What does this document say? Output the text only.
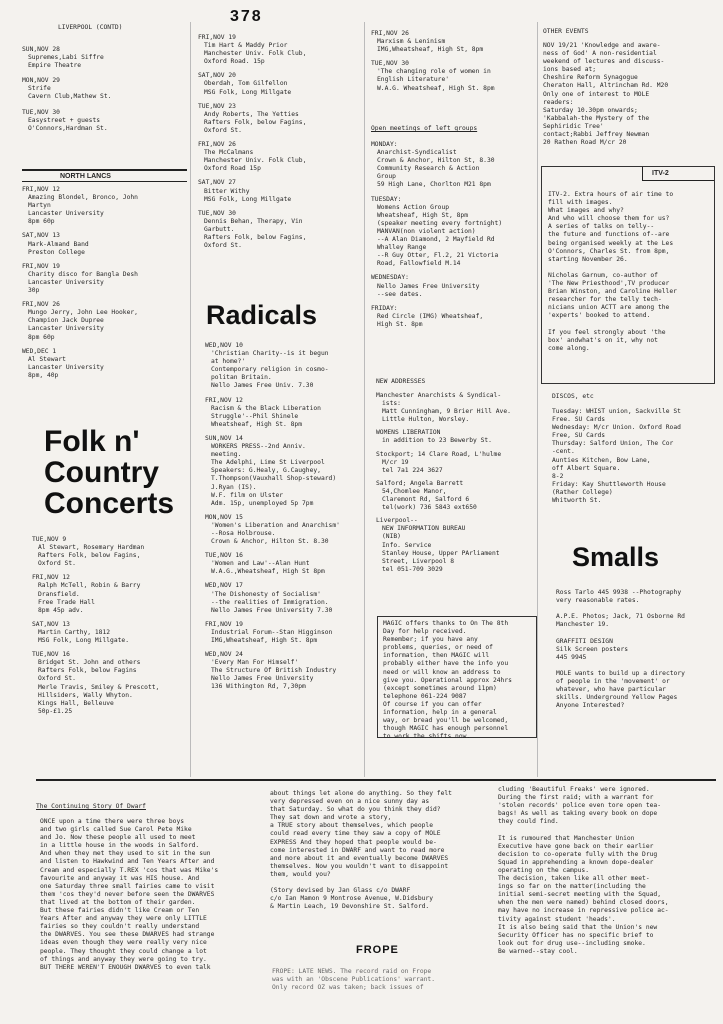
378
LIVERPOOL (CONTD)
SUN,NOV 28
Supremes,Labi Siffre
Empire Theatre
MON,NOV 29
Strife
Cavern Club,Mathew St.
TUE,NOV 30
Easystreet + guests
O'Connors,Hardman St.
NORTH LANCS
FRI,NOV 12
Amazing Blondel, Bronco, John
Martyn
Lancaster University
8pm 60p
SAT,NOV 13
Mark-Almand Band
Preston College
FRI,NOV 19
Charity disco for Bangla Desh
Lancaster University
30p
FRI,NOV 26
Mungo Jerry, John Lee Hooker,
Champion Jack Dupree
Lancaster University
8pm 60p
WED,DEC 1
Al Stewart
Lancaster University
8pm, 40p
Folk n'
Country
Concerts
TUE,NOV 9
Al Stewart, Rosemary Hardman
Rafters Folk, below Fagins,
Oxford St.
FRI,NOV 12
Ralph McTell, Robin & Barry
Dransfield.
Free Trade Hall
8pm 45p adv.
SAT,NOV 13
Martin Carthy, 1812
MSG Folk, Long Millgate.
TUE,NOV 16
Bridget St. John and others
Rafters Folk, below Fagins
Oxford St.
Merle Travis, Smiley & Prescott,
Hillsiders, Wally Whyton.
Kings Hall, Belleuve
50p-£1.25
FRI,NOV 19
Tim Hart & Maddy Prior
Manchester Univ. Folk Club,
Oxford Road. 15p
SAT,NOV 20
Oberdah, Tom Gilfellon
MSG Folk, Long Millgate
TUE,NOV 23
Andy Roberts, The Yetties
Rafters Folk, below Fagins,
Oxford St.
FRI,NOV 26
The McCalmans
Manchester Univ. Folk Club,
Oxford Road 15p
SAT,NOV 27
Bitter Withy
MSG Folk, Long Millgate
TUE,NOV 30
Dennis Behan, Therapy, Vin
Garbutt.
Rafters Folk, below Fagins,
Oxford St.
Radicals
WED,NOV 10
'Christian Charity--is it begun
at home?'
Contemporary religion in cosmo-
politan Britain.
Nello James Free Univ. 7.30
FRI,NOV 12
Racism & the Black Liberation
Struggle'--Phil Shinele
Wheatsheaf, High St. 8pm
SUN,NOV 14
WORKERS PRESS--2nd Anniv.
meeting.
The Adelphi, Lime St Liverpool
Speakers: G.Healy, G.Caughey,
T.Thompson(Vauxhall Shop-steward)
J.Ryan (IS).
W.F. film on Ulster
Adm. 15p, unemployed 5p 7pm
MON,NOV 15
'Women's Liberation and Anarchism'
--Rosa Holbrouse.
Crown & Anchor, Hilton St. 8.30
TUE,NOV 16
'Women and Law'--Alan Hunt
W.A.G.,Wheatsheaf, High St 8pm
WED,NOV 17
'The Dishonesty of Socialism'
--the realities of Immigration.
Nello James Free University 7.30
FRI,NOV 19
Industrial Forum--Stan Higginson
IMG,Wheatsheaf, High St. 8pm
WED,NOV 24
'Every Man For Himself'
The Structure Of British Industry
Nello James Free University
136 Withington Rd, 7,30pm
FRI,NOV 26
Marxism & Leninism
IMG,Wheatsheaf, High St, 8pm
TUE,NOV 30
'The changing role of women in
English Literature'
W.A.G. Wheatsheaf, High St. 8pm
Open meetings of left groups
MONDAY:
Anarchist-Syndicalist
Crown & Anchor, Hilton St, 8.30
Community Research & Action
Group
59 High Lane, Chorlton M21 8pm
TUESDAY:
Womens Action Group
Wheatsheaf, High St, 8pm
(speaker meeting every fortnight)
MANVAN(non violent action)
--A Alan Diamond, 2 Mayfield Rd
Whalley Range
--R Guy Otter, Fl.2, 21 Victoria
Road, Fallowfield M.14
WEDNESDAY:
Nello James Free University
--see dates.
FRIDAY:
Red Circle (IMG) Wheatsheaf,
High St. 8pm
NEW ADDRESSES
Manchester Anarchists & Syndical-
ists:
Matt Cunningham, 9 Brier Hill Ave.
Little Hulton, Worsley.
WOMENS LIBERATION
in addition to 23 Bewerby St.
Stockport; 14 Clare Road, L'hulme
M/cr 19
tel 7a1 224 3627
Salford; Angela Barrett
54,Chomlee Manor,
Claremont Rd, Salford 6
tel(work) 736 5843 ext650
Liverpool--
NEW INFORMATION BUREAU
(NIB)
Info. Service
Stanley House, Upper PArliament
Street, Liverpool 8
tel 051-709 3029
MAGIC offers thanks to On The 8th
Day for help received.
Remember; if you have any
problems, queries, or need of
information, then MAGIC will
probably either have the info you
need or will know an address to
give you. Operational approx 24hrs
(except sometimes around 11pm)
telephone 061-224 9087
Of course if you can offer
information, help in a general
way, or bread you'll be welcomed,
though MAGIC has enough personnel
to work the shifts now.
OTHER EVENTS
NOV 19/21 'Knowledge and aware-
ness of God' A non-residential
weekend of lectures and discuss-
ions based at;
Cheshire Reform Synagogue
Cheraton Hall, Altrincham Rd. M20
Only one of interest to MOLE
readers:
Saturday 10.30pm onwards;
'Kabbalah-the Mystery of the
Sephiridic Tree'
contact;Rabbi Jeffrey Newman
20 Rathen Road M/cr 20
ITV-2
ITV-2. Extra hours of air time to
fill with images.
What images and why?
And who will choose them for us?
A series of talks on telly--
the future and functions of--are
being organised weekly at the Les
O'Connors, Charles St. from 8pm,
starting November 26.

Nicholas Garnum, co-author of
'The New Priesthood',TV producer
Brian Winston, and Caroline Heller
researcher for the telly tech-
nicians union ACTT are among the
'experts' booked to attend.

If you feel strongly about 'the
box' andwhat's on it, why not
come along.
DISCOS, etc
Tuesday: WHIST union, Sackville St
Free. SU Cards
Wednesday: M/cr Union. Oxford Road
Free, SU Cards
Thursday: Salford Union, The Cor
-cent.
Aunties Kitchen, Bow Lane,
off Albert Square.
8-2
Friday: Kay Shuttleworth House
(Rather College)
Whitworth St.
Smalls
Ross Tarlo 445 9938 --Photography
very reasonable rates.

A.P.E. Photos; Jack, 71 Osborne Rd
Manchester 19.

GRAFFITI DESIGN
Silk Screen posters
445 9945

MOLE wants to build up a directory
of people in the 'movement' or
whatever, who have particular
skills. Underground Yellow Pages
Anyone Interested?
The Continuing Story Of Dwarf
ONCE upon a time there were three boys
and two girls called Sue Carol Pete Mike
and Jo. Now these people all used to meet
in a little house in the woods in Salford.
And when they met they used to sit in the sun
and listen to Hawkwind and Ten Years After and
Cream and especially T.REX 'cos that was Mike's
favourite and anyway it was HIS house. And
one Saturday three small fairies came to visit
them 'cos they'd never before seen the DWARVES
that lived at the bottom of their garden.
But these fairies didn't like Cream or Ten
Years After and anyway they were only LITTLE
fairies so they couldn't really understand
the DWARVES. You see these DWARVES had strange
ideas even though they were really very nice
people. They thought they could change a lot
of things and anyway they were going to try.
BUT THERE WEREN'T ENOUGH DWARVES to even talk
about things let alone do anything. So they felt
very depressed even on a nice sunny day as
that Saturday. So what do you think they did?
They sat down and wrote a story,
a TRUE story about themselves, which people
could read every time they saw a copy of MOLE
EXPRESS And they hoped that people would be-
come interested in DWARF and want to read more
and more about it and eventually become DWARVES
themselves. Now you wouldn't want to disappoint
them, would you?

(Story devised by Jan Glass c/o DWARF
c/o Ian Mamon 9 Montrose Avenue, W.Didsbury
& Martin Leach, 19 Devonshire St. Salford.
FROPE
FROPE: LATE NEWS. The record raid on Frope
was with an 'Obscene Publications' warrant.
Only record OZ was taken; back issues of
cluding 'Beautiful Freaks' were ignored.
During the first raid; with a warrant for
'stolen records' police even tore open tea-
bags! As well as taking every book on dope
they could find.

It is rumoured that Manchester Union
Executive have gone back on their earlier
decision to co-operate fully with the Drug
Squad in apprehending a known dope-dealer
operating on the campus.
The decision, taken like all other meet-
ings so far on the matter(including the
initial semi-secret meeting with the Squad,
when the men were named) behind closed doors,
may have no increase in repressive police ac-
tivity against student 'heads'.
It is also being said that the Union's new
Security Officer has no specific brief to
look out for drug use--including smoke.
Be warned--stay cool.
